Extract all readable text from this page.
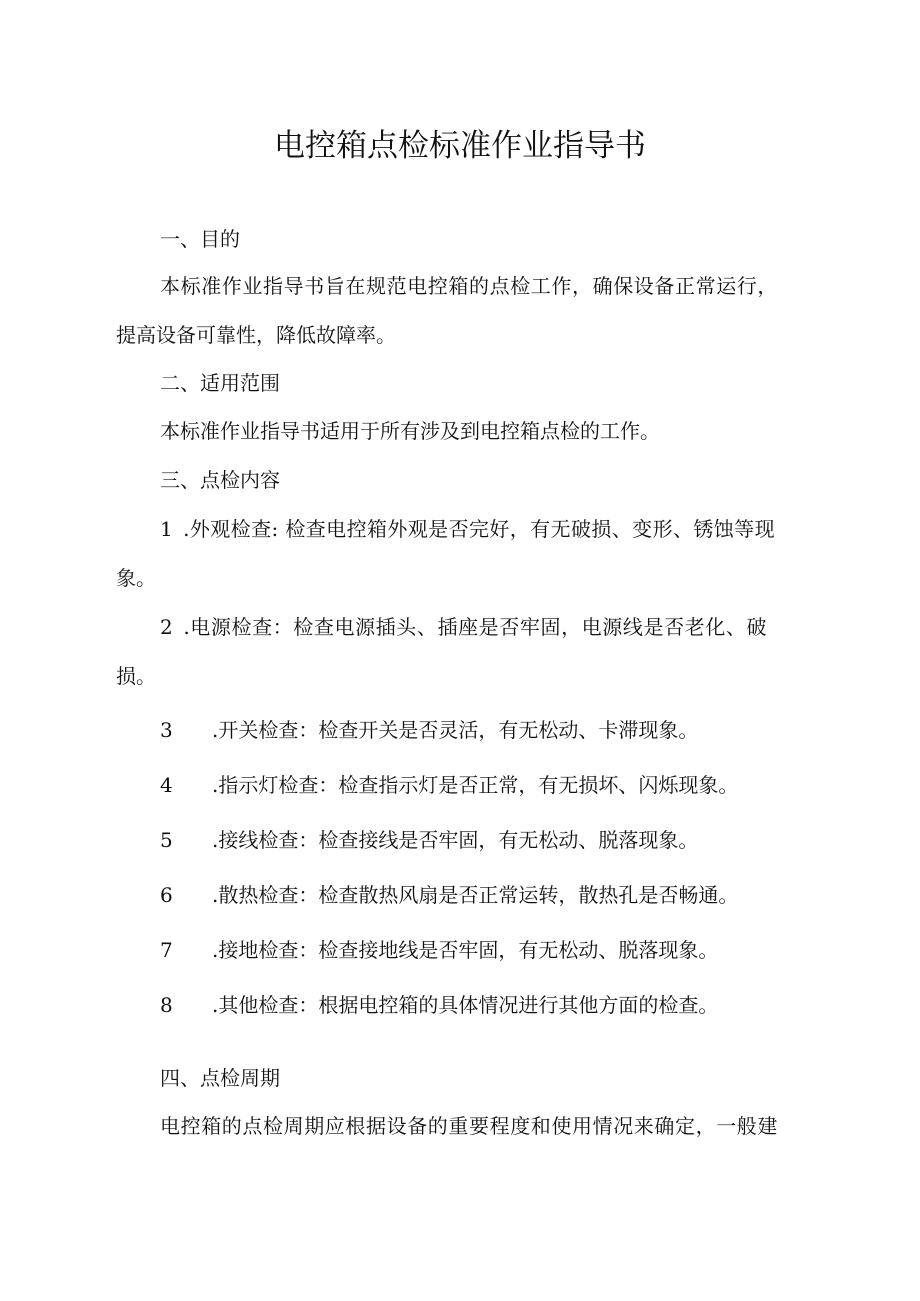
电控箱点检标准作业指导书

一、目的

本标准作业指导书旨在规范电控箱的点检工作，确保设备正常运行，

提高设备可靠性，降低故障率。

二、适用范围

本标准作业指导书适用于所有涉及到电控箱点检的工作。

三、点检内容

1 .外观检查: 检查电控箱外观是否完好，有无破损、变形、锈蚀等现

象。

2 .电源检查：检查电源插头、插座是否牢固，电源线是否老化、破

损。

3 .开关检查：检查开关是否灵活，有无松动、卡滞现象。

4 .指示灯检查：检查指示灯是否正常，有无损坏、闪烁现象。

5 .接线检查：检查接线是否牢固，有无松动、脱落现象。

6 .散热检查：检查散热风扇是否正常运转，散热孔是否畅通。

7 .接地检查：检查接地线是否牢固，有无松动、脱落现象。

8 .其他检查：根据电控箱的具体情况进行其他方面的检查。

四、点检周期

电控箱的点检周期应根据设备的重要程度和使用情况来确定，一般建
